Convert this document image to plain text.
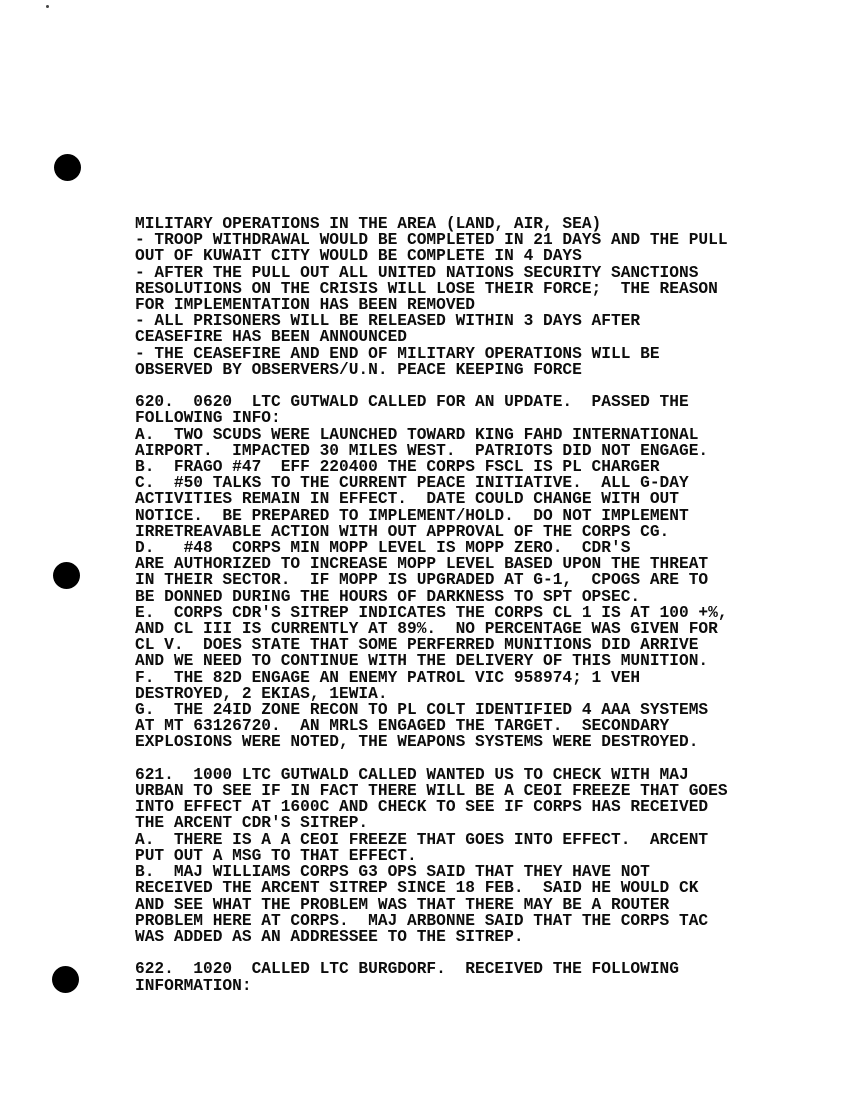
MILITARY OPERATIONS IN THE AREA (LAND, AIR, SEA)
- TROOP WITHDRAWAL WOULD BE COMPLETED IN 21 DAYS AND THE PULL
OUT OF KUWAIT CITY WOULD BE COMPLETE IN 4 DAYS
- AFTER THE PULL OUT ALL UNITED NATIONS SECURITY SANCTIONS
RESOLUTIONS ON THE CRISIS WILL LOSE THEIR FORCE;  THE REASON
FOR IMPLEMENTATION HAS BEEN REMOVED
- ALL PRISONERS WILL BE RELEASED WITHIN 3 DAYS AFTER
CEASEFIRE HAS BEEN ANNOUNCED
- THE CEASEFIRE AND END OF MILITARY OPERATIONS WILL BE
OBSERVED BY OBSERVERS/U.N. PEACE KEEPING FORCE
620.  0620  LTC GUTWALD CALLED FOR AN UPDATE.  PASSED THE
FOLLOWING INFO:
A.  TWO SCUDS WERE LAUNCHED TOWARD KING FAHD INTERNATIONAL
AIRPORT.  IMPACTED 30 MILES WEST.  PATRIOTS DID NOT ENGAGE.
B.  FRAGO #47  EFF 220400 THE CORPS FSCL IS PL CHARGER
C.  #50 TALKS TO THE CURRENT PEACE INITIATIVE.  ALL G-DAY
ACTIVITIES REMAIN IN EFFECT.  DATE COULD CHANGE WITH OUT
NOTICE.  BE PREPARED TO IMPLEMENT/HOLD.  DO NOT IMPLEMENT
IRRETREAVABLE ACTION WITH OUT APPROVAL OF THE CORPS CG.
D.   #48  CORPS MIN MOPP LEVEL IS MOPP ZERO.  CDR'S
ARE AUTHORIZED TO INCREASE MOPP LEVEL BASED UPON THE THREAT
IN THEIR SECTOR.  IF MOPP IS UPGRADED AT G-1,  CPOGS ARE TO
BE DONNED DURING THE HOURS OF DARKNESS TO SPT OPSEC.
E.  CORPS CDR'S SITREP INDICATES THE CORPS CL 1 IS AT 100 +%,
AND CL III IS CURRENTLY AT 89%.  NO PERCENTAGE WAS GIVEN FOR
CL V.  DOES STATE THAT SOME PERFERRED MUNITIONS DID ARRIVE
AND WE NEED TO CONTINUE WITH THE DELIVERY OF THIS MUNITION.
F.  THE 82D ENGAGE AN ENEMY PATROL VIC 958974; 1 VEH
DESTROYED, 2 EKIAS, 1EWIA.
G.  THE 24ID ZONE RECON TO PL COLT IDENTIFIED 4 AAA SYSTEMS
AT MT 63126720.  AN MRLS ENGAGED THE TARGET.  SECONDARY
EXPLOSIONS WERE NOTED, THE WEAPONS SYSTEMS WERE DESTROYED.
621.  1000 LTC GUTWALD CALLED WANTED US TO CHECK WITH MAJ
URBAN TO SEE IF IN FACT THERE WILL BE A CEOI FREEZE THAT GOES
INTO EFFECT AT 1600C AND CHECK TO SEE IF CORPS HAS RECEIVED
THE ARCENT CDR'S SITREP.
A.  THERE IS A A CEOI FREEZE THAT GOES INTO EFFECT.  ARCENT
PUT OUT A MSG TO THAT EFFECT.
B.  MAJ WILLIAMS CORPS G3 OPS SAID THAT THEY HAVE NOT
RECEIVED THE ARCENT SITREP SINCE 18 FEB.  SAID HE WOULD CK
AND SEE WHAT THE PROBLEM WAS THAT THERE MAY BE A ROUTER
PROBLEM HERE AT CORPS.  MAJ ARBONNE SAID THAT THE CORPS TAC
WAS ADDED AS AN ADDRESSEE TO THE SITREP.
622.  1020  CALLED LTC BURGDORF.  RECEIVED THE FOLLOWING
INFORMATION:
